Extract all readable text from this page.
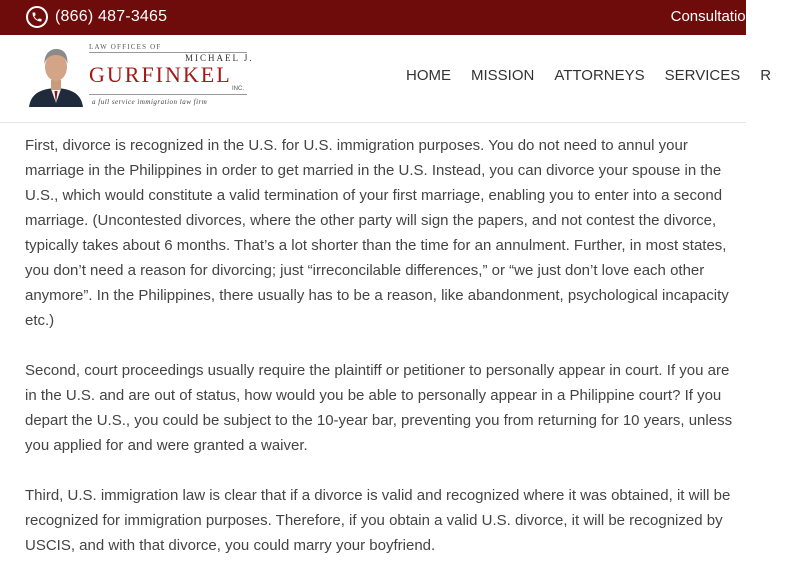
(866) 487-3465	Consultation
LAW OFFICES OF
MICHAEL J.
GURFINKEL
INC.
a full service immigration law firm
HOME MISSION ATTORNEYS SERVICES R

First, divorce is recognized in the U.S. for U.S. immigration purposes. You do not need to annul your marriage in the Philippines in order to get married in the U.S. Instead, you can divorce your spouse in the U.S., which would constitute a valid termination of your first marriage, enabling you to enter into a second marriage. (Uncontested divorces, where the other party will sign the papers, and not contest the divorce, typically takes about 6 months. That’s a lot shorter than the time for an annulment. Further, in most states, you don’t need a reason for divorcing; just “irreconcilable differences,” or “we just don’t love each other anymore”. In the Philippines, there usually has to be a reason, like abandonment, psychological incapacity etc.)

Second, court proceedings usually require the plaintiff or petitioner to personally appear in court. If you are in the U.S. and are out of status, how would you be able to personally appear in a Philippine court? If you depart the U.S., you could be subject to the 10-year bar, preventing you from returning for 10 years, unless you applied for and were granted a waiver.

Third, U.S. immigration law is clear that if a divorce is valid and recognized where it was obtained, it will be recognized for immigration purposes. Therefore, if you obtain a valid U.S. divorce, it will be recognized by USCIS, and with that divorce, you could marry your boyfriend.
